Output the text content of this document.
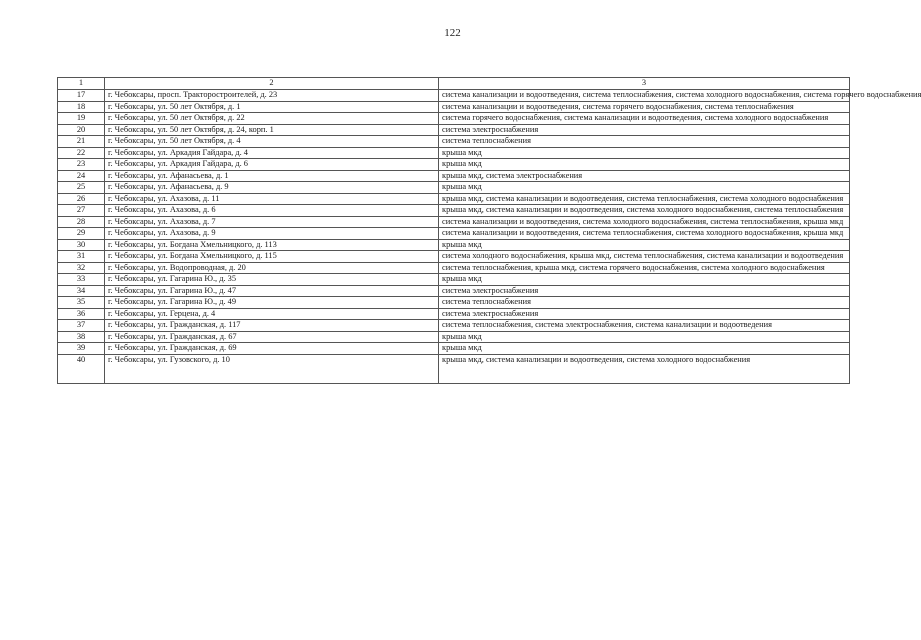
122
1	2	3
17	г. Чебоксары, просп. Тракторостроителей, д. 23	система канализации и водоотведения, система теплоснабжения, система холодного водоснабжения, система горячего водоснабжения
18	г. Чебоксары, ул. 50 лет Октября, д. 1	система канализации и водоотведения, система горячего водоснабжения, система теплоснабжения
19	г. Чебоксары, ул. 50 лет Октября, д. 22	система горячего водоснабжения, система канализации и водоотведения, система холодного водоснабжения
20	г. Чебоксары, ул. 50 лет Октября, д. 24, корп. 1	система электроснабжения
21	г. Чебоксары, ул. 50 лет Октября, д. 4	система теплоснабжения
22	г. Чебоксары, ул. Аркадия Гайдара, д. 4	крыша мкд
23	г. Чебоксары, ул. Аркадия Гайдара, д. 6	крыша мкд
24	г. Чебоксары, ул. Афанасьева, д. 1	крыша мкд, система электроснабжения
25	г. Чебоксары, ул. Афанасьева, д. 9	крыша мкд
26	г. Чебоксары, ул. Ахазова, д. 11	крыша мкд, система канализации и водоотведения, система теплоснабжения, система холодного водоснабжения
27	г. Чебоксары, ул. Ахазова, д. 6	крыша мкд, система канализации и водоотведения, система холодного водоснабжения, система теплоснабжения
28	г. Чебоксары, ул. Ахазова, д. 7	система канализации и водоотведения, система холодного водоснабжения, система теплоснабжения, крыша мкд
29	г. Чебоксары, ул. Ахазова, д. 9	система канализации и водоотведения, система теплоснабжения, система холодного водоснабжения, крыша мкд
30	г. Чебоксары, ул. Богдана Хмельницкого, д. 113	крыша мкд
31	г. Чебоксары, ул. Богдана Хмельницкого, д. 115	система холодного водоснабжения, крыша мкд, система теплоснабжения, система канализации и водоотведения
32	г. Чебоксары, ул. Водопроводная, д. 20	система теплоснабжения, крыша мкд, система горячего водоснабжения, система холодного водоснабжения
33	г. Чебоксары, ул. Гагарина Ю., д. 35	крыша мкд
34	г. Чебоксары, ул. Гагарина Ю., д. 47	система электроснабжения
35	г. Чебоксары, ул. Гагарина Ю., д. 49	система теплоснабжения
36	г. Чебоксары, ул. Герцена, д. 4	система электроснабжения
37	г. Чебоксары, ул. Гражданская, д. 117	система теплоснабжения, система электроснабжения, система канализации и водоотведения
38	г. Чебоксары, ул. Гражданская, д. 67	крыша мкд
39	г. Чебоксары, ул. Гражданская, д. 69	крыша мкд
40	г. Чебоксары, ул. Гузовского, д. 10	крыша мкд, система канализации и водоотведения, система холодного водоснабжения
